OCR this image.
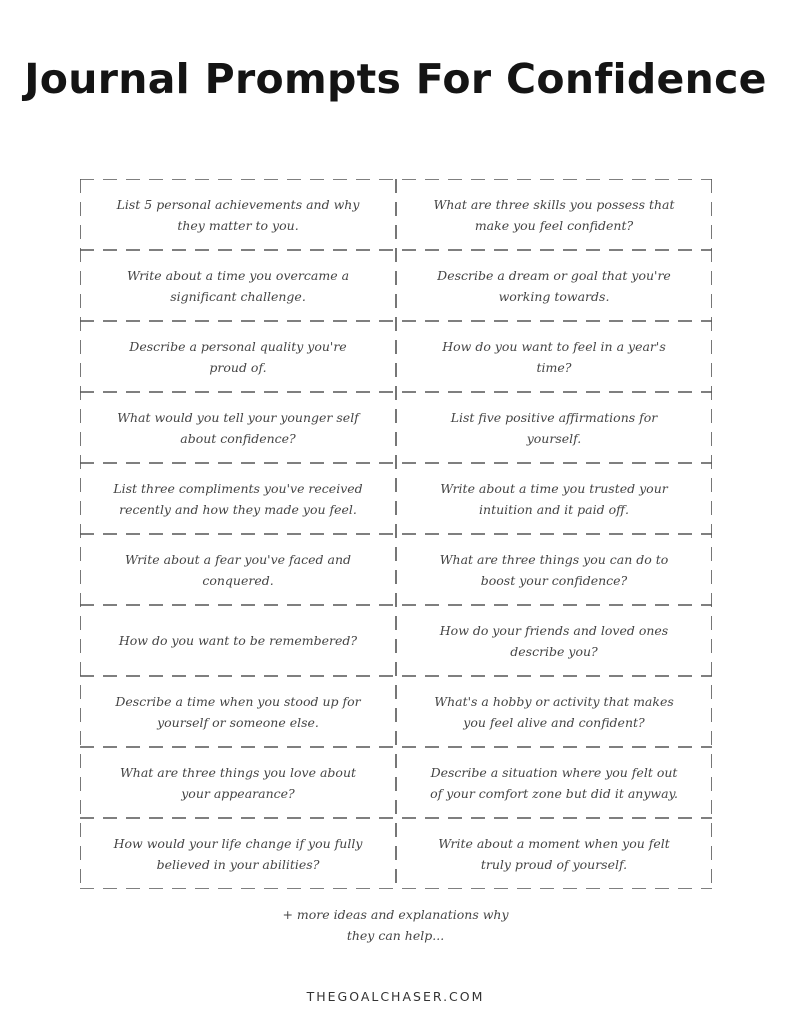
Journal Prompts For Confidence
List 5 personal achievements and why they matter to you.
What are three skills you possess that make you feel confident?
Write about a time you overcame a significant challenge.
Describe a dream or goal that you're working towards.
Describe a personal quality you're proud of.
How do you want to feel in a year's time?
What would you tell your younger self about confidence?
List five positive affirmations for yourself.
List three compliments you've received recently and how they made you feel.
Write about a time you trusted your intuition and it paid off.
Write about a fear you've faced and conquered.
What are three things you can do to boost your confidence?
How do you want to be remembered?
How do your friends and loved ones describe you?
Describe a time when you stood up for yourself or someone else.
What's a hobby or activity that makes you feel alive and confident?
What are three things you love about your appearance?
Describe a situation where you felt out of your comfort zone but did it anyway.
How would your life change if you fully believed in your abilities?
Write about a moment when you felt truly proud of yourself.
+ more ideas and explanations why
they can help...
THEGOALCHASER.COM
